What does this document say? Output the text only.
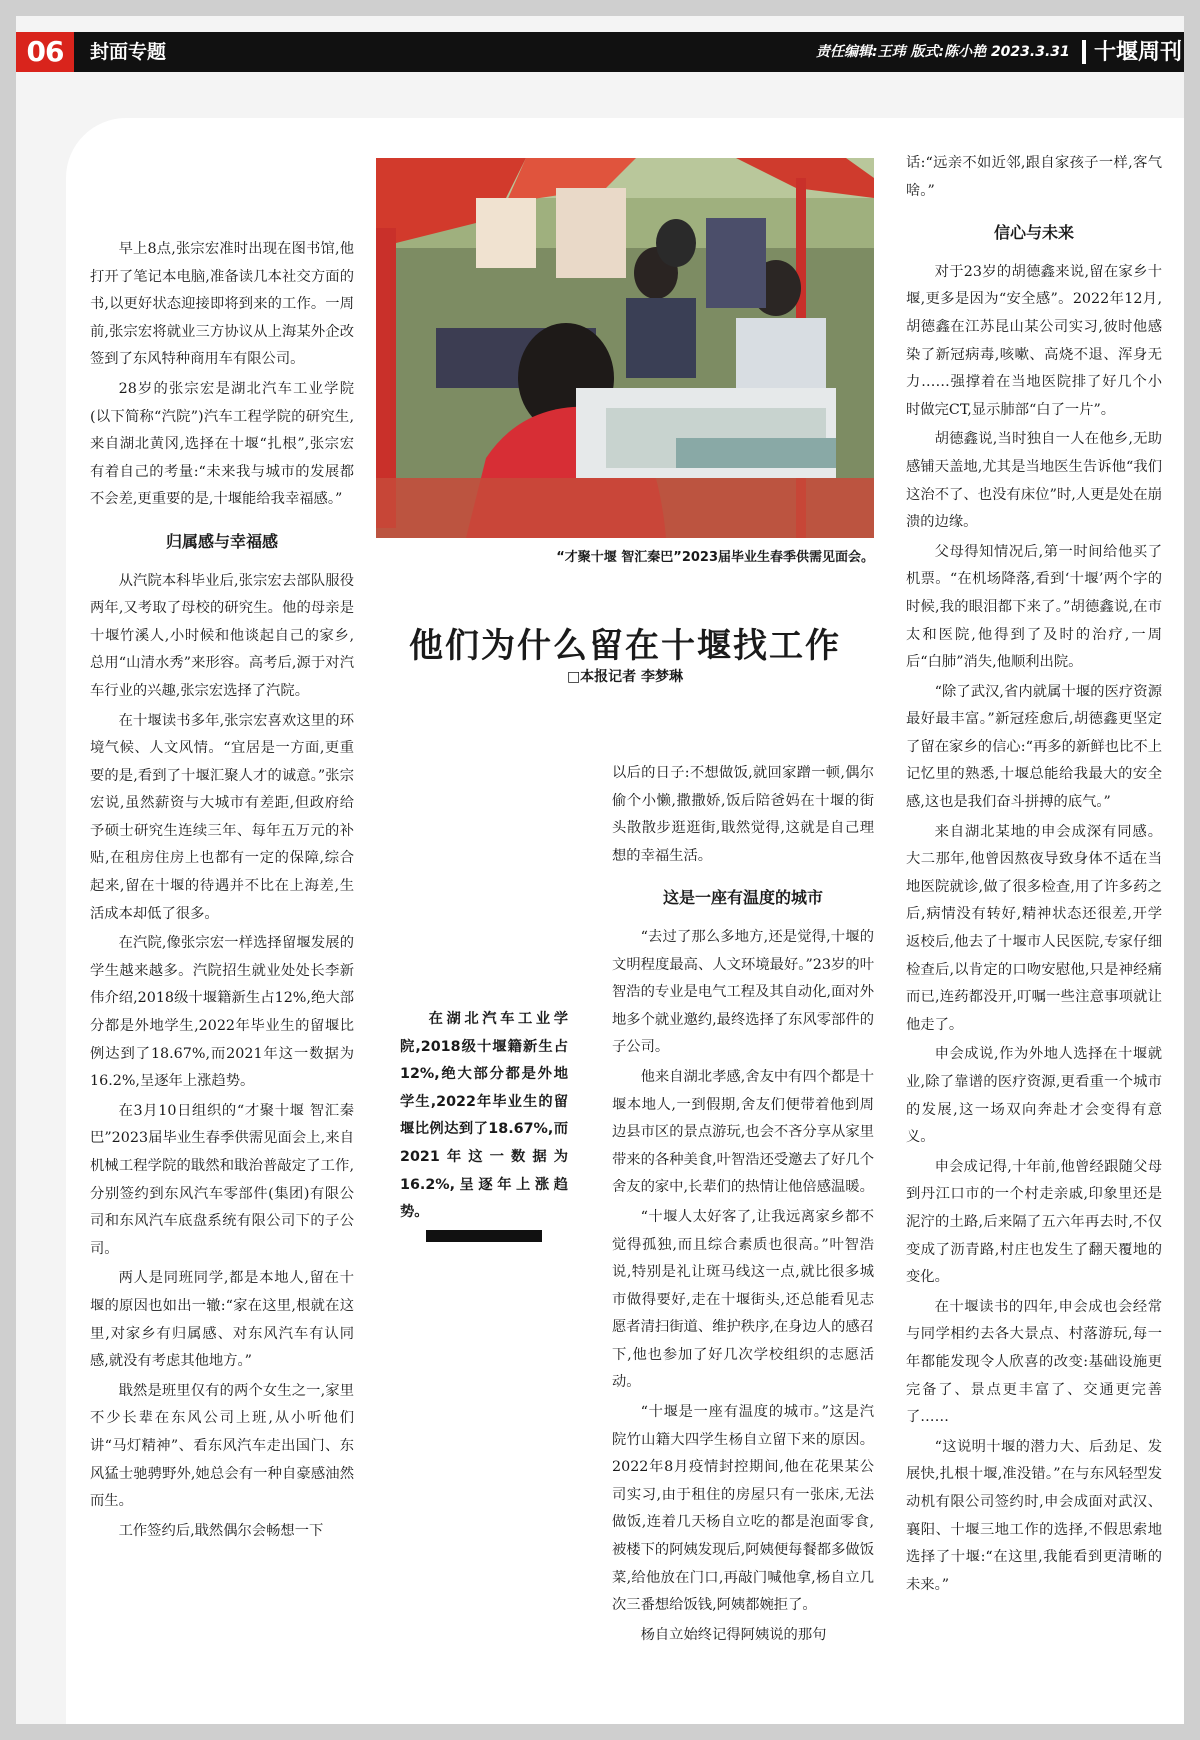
06	封面专题	责任编辑:王玮 版式:陈小艳 2023.3.31 十堰周刊
“才聚十堰 智汇秦巴”2023届毕业生春季供需见面会。
他们为什么留在十堰找工作
□本报记者 李梦琳

早上8点,张宗宏准时出现在图书馆,他打开了笔记本电脑,准备读几本社交方面的书,以更好状态迎接即将到来的工作。一周前,张宗宏将就业三方协议从上海某外企改签到了东风特种商用车有限公司。

28岁的张宗宏是湖北汽车工业学院(以下简称“汽院”)汽车工程学院的研究生,来自湖北黄冈,选择在十堰“扎根”,张宗宏有着自己的考量:“未来我与城市的发展都不会差,更重要的是,十堰能给我幸福感。”

归属感与幸福感

从汽院本科毕业后,张宗宏去部队服役两年,又考取了母校的研究生。他的母亲是十堰竹溪人,小时候和他谈起自己的家乡,总用“山清水秀”来形容。高考后,源于对汽车行业的兴趣,张宗宏选择了汽院。

在十堰读书多年,张宗宏喜欢这里的环境气候、人文风情。“宜居是一方面,更重要的是,看到了十堰汇聚人才的诚意。”张宗宏说,虽然薪资与大城市有差距,但政府给予硕士研究生连续三年、每年五万元的补贴,在租房住房上也都有一定的保障,综合起来,留在十堰的待遇并不比在上海差,生活成本却低了很多。

在汽院,像张宗宏一样选择留堰发展的学生越来越多。汽院招生就业处处长李新伟介绍,2018级十堰籍新生占12%,绝大部分都是外地学生,2022年毕业生的留堰比例达到了18.67%,而2021年这一数据为16.2%,呈逐年上涨趋势。

在3月10日组织的“才聚十堰 智汇秦巴”2023届毕业生春季供需见面会上,来自机械工程学院的戢然和戢治普敲定了工作,分别签约到东风汽车零部件(集团)有限公司和东风汽车底盘系统有限公司下的子公司。

两人是同班同学,都是本地人,留在十堰的原因也如出一辙:“家在这里,根就在这里,对家乡有归属感、对东风汽车有认同感,就没有考虑其他地方。”

戢然是班里仅有的两个女生之一,家里不少长辈在东风公司上班,从小听他们讲“马灯精神”、看东风汽车走出国门、东风猛士驰骋野外,她总会有一种自豪感油然而生。

工作签约后,戢然偶尔会畅想一下

在湖北汽车工业学院,2018级十堰籍新生占12%,绝大部分都是外地学生,2022年毕业生的留堰比例达到了18.67%,而2021年这一数据为16.2%,呈逐年上涨趋势。

以后的日子:不想做饭,就回家蹭一顿,偶尔偷个小懒,撒撒娇,饭后陪爸妈在十堰的街头散散步逛逛街,戢然觉得,这就是自己理想的幸福生活。

这是一座有温度的城市

“去过了那么多地方,还是觉得,十堰的文明程度最高、人文环境最好。”23岁的叶智浩的专业是电气工程及其自动化,面对外地多个就业邀约,最终选择了东风零部件的子公司。

他来自湖北孝感,舍友中有四个都是十堰本地人,一到假期,舍友们便带着他到周边县市区的景点游玩,也会不吝分享从家里带来的各种美食,叶智浩还受邀去了好几个舍友的家中,长辈们的热情让他倍感温暖。

“十堰人太好客了,让我远离家乡都不觉得孤独,而且综合素质也很高。”叶智浩说,特别是礼让斑马线这一点,就比很多城市做得要好,走在十堰街头,还总能看见志愿者清扫街道、维护秩序,在身边人的感召下,他也参加了好几次学校组织的志愿活动。

“十堰是一座有温度的城市。”这是汽院竹山籍大四学生杨自立留下来的原因。2022年8月疫情封控期间,他在花果某公司实习,由于租住的房屋只有一张床,无法做饭,连着几天杨自立吃的都是泡面零食,被楼下的阿姨发现后,阿姨便每餐都多做饭菜,给他放在门口,再敲门喊他拿,杨自立几次三番想给饭钱,阿姨都婉拒了。

杨自立始终记得阿姨说的那句

话:“远亲不如近邻,跟自家孩子一样,客气啥。”

信心与未来

对于23岁的胡德鑫来说,留在家乡十堰,更多是因为“安全感”。2022年12月,胡德鑫在江苏昆山某公司实习,彼时他感染了新冠病毒,咳嗽、高烧不退、浑身无力……强撑着在当地医院排了好几个小时做完CT,显示肺部“白了一片”。

胡德鑫说,当时独自一人在他乡,无助感铺天盖地,尤其是当地医生告诉他“我们这治不了、也没有床位”时,人更是处在崩溃的边缘。

父母得知情况后,第一时间给他买了机票。“在机场降落,看到‘十堰’两个字的时候,我的眼泪都下来了。”胡德鑫说,在市太和医院,他得到了及时的治疗,一周后“白肺”消失,他顺利出院。

“除了武汉,省内就属十堰的医疗资源最好最丰富。”新冠痊愈后,胡德鑫更坚定了留在家乡的信心:“再多的新鲜也比不上记忆里的熟悉,十堰总能给我最大的安全感,这也是我们奋斗拼搏的底气。”

来自湖北某地的申会成深有同感。大二那年,他曾因熬夜导致身体不适在当地医院就诊,做了很多检查,用了许多药之后,病情没有转好,精神状态还很差,开学返校后,他去了十堰市人民医院,专家仔细检查后,以肯定的口吻安慰他,只是神经痛而已,连药都没开,叮嘱一些注意事项就让他走了。

申会成说,作为外地人选择在十堰就业,除了靠谱的医疗资源,更看重一个城市的发展,这一场双向奔赴才会变得有意义。

申会成记得,十年前,他曾经跟随父母到丹江口市的一个村走亲戚,印象里还是泥泞的土路,后来隔了五六年再去时,不仅变成了沥青路,村庄也发生了翻天覆地的变化。

在十堰读书的四年,申会成也会经常与同学相约去各大景点、村落游玩,每一年都能发现令人欣喜的改变:基础设施更完备了、景点更丰富了、交通更完善了……

“这说明十堰的潜力大、后劲足、发展快,扎根十堰,准没错。”在与东风轻型发动机有限公司签约时,申会成面对武汉、襄阳、十堰三地工作的选择,不假思索地选择了十堰:“在这里,我能看到更清晰的未来。”
